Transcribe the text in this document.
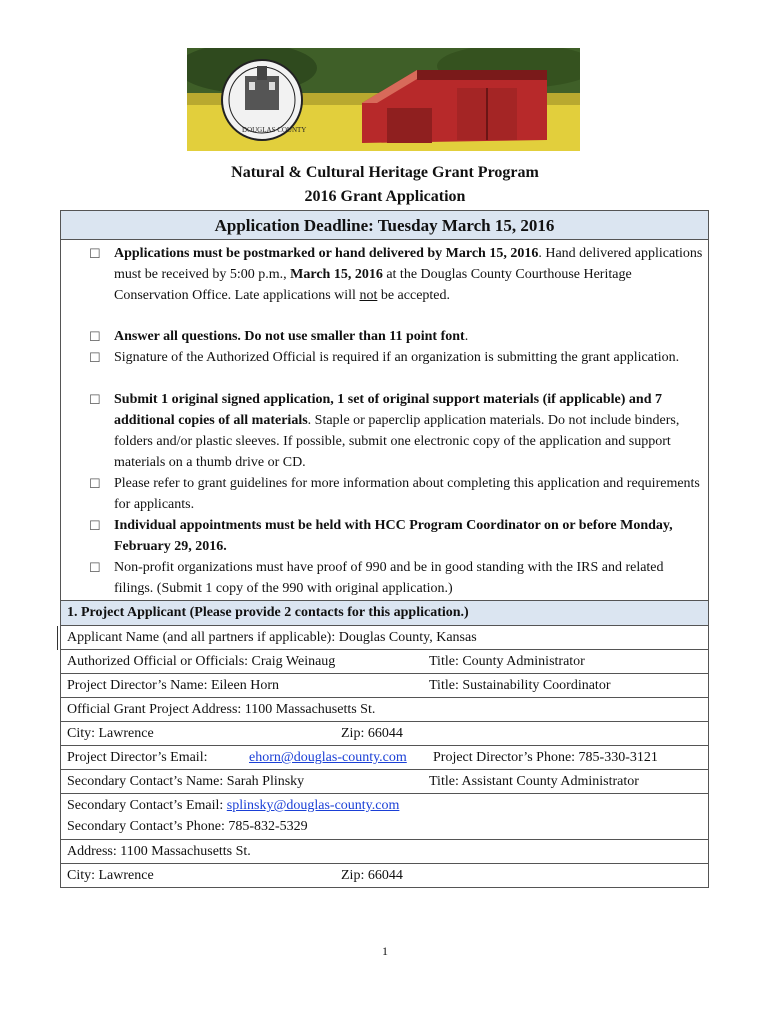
DOUGLAS COUNTY
Natural & Cultural Heritage Grant Program
2016 Grant Application
Application Deadline: Tuesday March 15, 2016
☐ Applications must be postmarked or hand delivered by March 15, 2016. Hand delivered applications must be received by 5:00 p.m., March 15, 2016 at the Douglas County Courthouse Heritage Conservation Office. Late applications will not be accepted.
☐ Answer all questions. Do not use smaller than 11 point font.
☐ Signature of the Authorized Official is required if an organization is submitting the grant application.
☐ Submit 1 original signed application, 1 set of original support materials (if applicable) and 7 additional copies of all materials. Staple or paperclip application materials. Do not include binders, folders and/or plastic sleeves. If possible, submit one electronic copy of the application and support materials on a thumb drive or CD.
☐ Please refer to grant guidelines for more information about completing this application and requirements for applicants.
☐ Individual appointments must be held with HCC Program Coordinator on or before Monday, February 29, 2016.
☐ Non-profit organizations must have proof of 990 and be in good standing with the IRS and related filings. (Submit 1 copy of the 990 with original application.)
1. Project Applicant (Please provide 2 contacts for this application.)
Applicant Name (and all partners if applicable): Douglas County, Kansas
Authorized Official or Officials: Craig Weinaug	Title: County Administrator
Project Director’s Name: Eileen Horn	Title: Sustainability Coordinator
Official Grant Project Address: 1100 Massachusetts St.
City: Lawrence	Zip: 66044
Project Director’s Email:	ehorn@douglas-county.com Project Director’s Phone: 785-330-3121
Secondary Contact’s Name: Sarah Plinsky	Title: Assistant County Administrator
Secondary Contact’s Email: splinsky@douglas-county.com
Secondary Contact’s Phone: 785-832-5329
Address: 1100 Massachusetts St.
City: Lawrence	Zip: 66044
1
